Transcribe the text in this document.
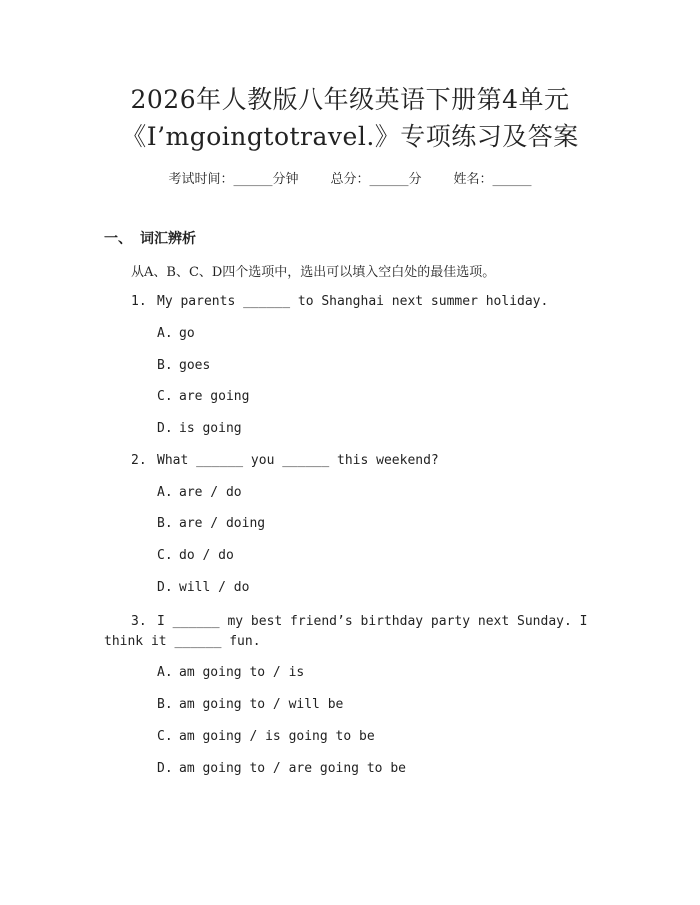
2026年人教版八年级英语下册第4单元
《I’mgoingtotravel.》专项练习及答案
考试时间：______分钟 总分：______分 姓名：______
一、 词汇辨析
从A、B、C、D四个选项中，选出可以填入空白处的最佳选项。
1. My parents ______ to Shanghai next summer holiday.
A. go
B. goes
C. are going
D. is going
2. What ______ you ______ this weekend?
A. are / do
B. are / doing
C. do / do
D. will / do
3. I ______ my best friend’s birthday party next Sunday. I think it ______ fun.
A. am going to / is
B. am going to / will be
C. am going / is going to be
D. am going to / are going to be
